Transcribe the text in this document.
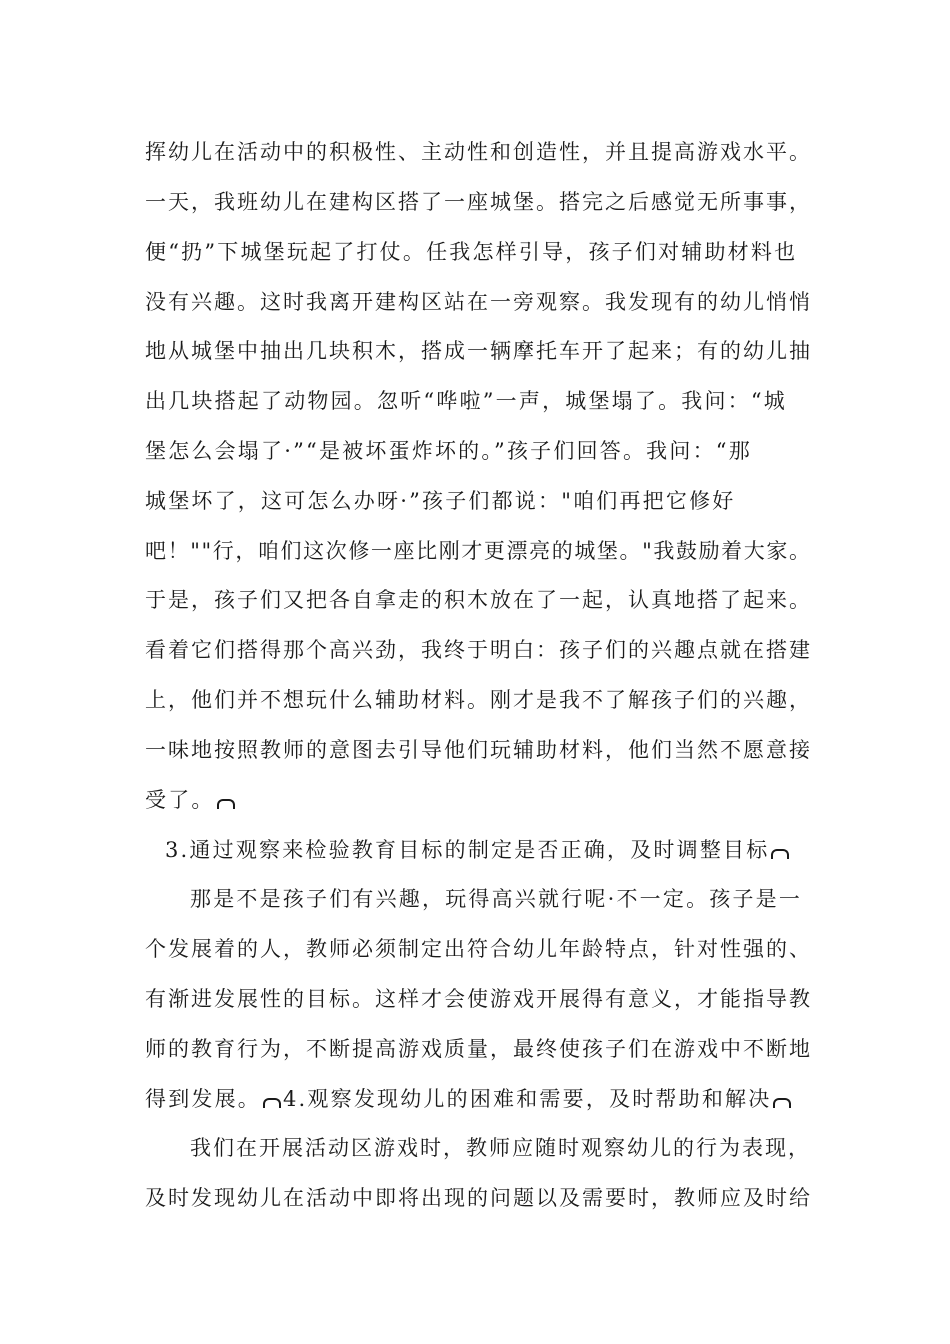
挥幼儿在活动中的积极性、主动性和创造性，并且提高游戏水平。
一天，我班幼儿在建构区搭了一座城堡。搭完之后感觉无所事事，
便“扔”下城堡玩起了打仗。任我怎样引导，孩子们对辅助材料也
没有兴趣。这时我离开建构区站在一旁观察。我发现有的幼儿悄悄
地从城堡中抽出几块积木，搭成一辆摩托车开了起来；有的幼儿抽
出几块搭起了动物园。忽听“哗啦”一声，城堡塌了。我问：“城
堡怎么会塌了·”“是被坏蛋炸坏的。”孩子们回答。我问：“那
城堡坏了，这可怎么办呀·”孩子们都说："咱们再把它修好
吧！""行，咱们这次修一座比刚才更漂亮的城堡。"我鼓励着大家。
于是，孩子们又把各自拿走的积木放在了一起，认真地搭了起来。
看着它们搭得那个高兴劲，我终于明白：孩子们的兴趣点就在搭建
上，他们并不想玩什么辅助材料。刚才是我不了解孩子们的兴趣，
一味地按照教师的意图去引导他们玩辅助材料，他们当然不愿意接
受了。
3.通过观察来检验教育目标的制定是否正确，及时调整目标
那是不是孩子们有兴趣，玩得高兴就行呢·不一定。孩子是一
个发展着的人，教师必须制定出符合幼儿年龄特点，针对性强的、
有渐进发展性的目标。这样才会使游戏开展得有意义，才能指导教
师的教育行为，不断提高游戏质量，最终使孩子们在游戏中不断地
得到发展。 4.观察发现幼儿的困难和需要，及时帮助和解决
我们在开展活动区游戏时，教师应随时观察幼儿的行为表现，
及时发现幼儿在活动中即将出现的问题以及需要时，教师应及时给
